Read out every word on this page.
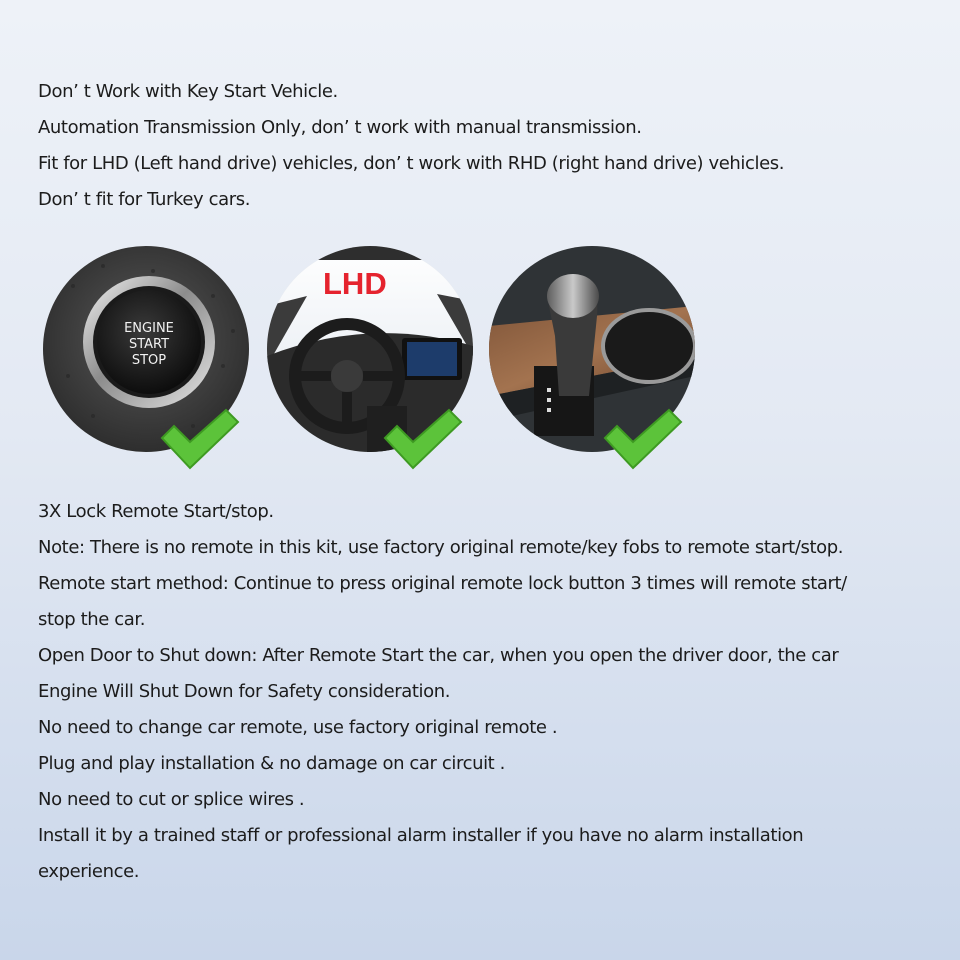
Don’ t Work with Key Start Vehicle.
Automation Transmission Only, don’ t work with manual transmission.
Fit for LHD (Left hand drive) vehicles, don’ t work with RHD (right hand drive) vehicles.
Don’ t fit for Turkey cars.
ENGINE
START
STOP
LHD
3X Lock Remote Start/stop.
Note: There is no remote in this kit, use factory original remote/key fobs to remote start/stop.
Remote start method: Continue to press original remote lock button 3 times will remote start/
stop the car.
Open Door to Shut down: After Remote Start the car, when you open the driver door, the car
Engine Will Shut Down for Safety consideration.
No need to change car remote, use factory original remote .
Plug and play installation & no damage on car circuit .
No need to cut or splice wires .
Install it by a trained staff or professional alarm installer if you have no alarm installation
experience.
